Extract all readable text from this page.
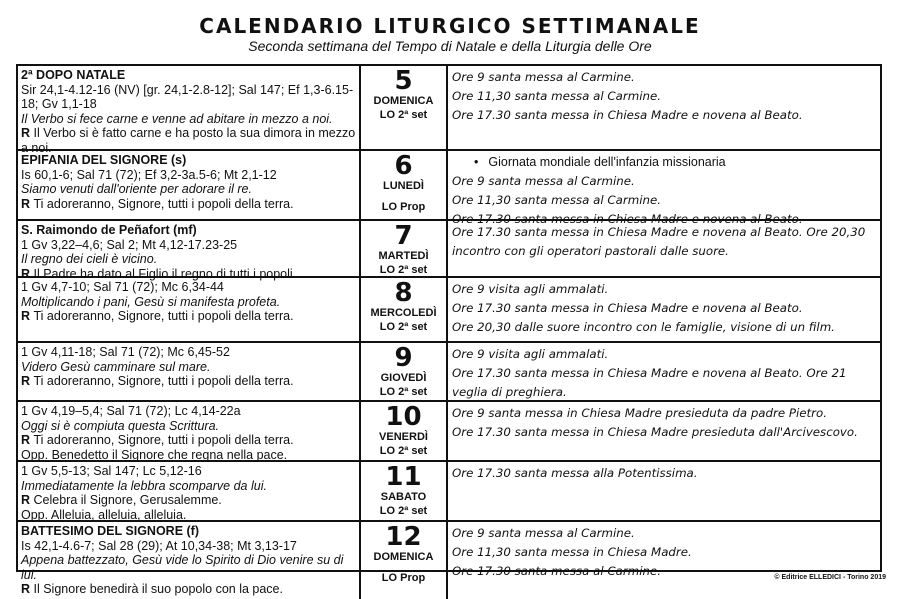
CALENDARIO LITURGICO SETTIMANALE
Seconda settimana del Tempo di Natale e della Liturgia delle Ore
2ª DOPO NATALE
Sir 24,1-4.12-16 (NV) [gr. 24,1-2.8-12]; Sal 147; Ef 1,3-6.15-18; Gv 1,1-18
Il Verbo si fece carne e venne ad abitare in mezzo a noi.
R Il Verbo si è fatto carne e ha posto la sua dimora in mezzo a noi.
5
DOMENICA
LO 2ª set
Ore 9 santa messa al Carmine.
Ore 11,30 santa messa al Carmine.
Ore 17.30 santa messa in Chiesa Madre e novena al Beato.
EPIFANIA DEL SIGNORE (s)
Is 60,1-6; Sal 71 (72); Ef 3,2-3a.5-6; Mt 2,1-12
Siamo venuti dall'oriente per adorare il re.
R Ti adoreranno, Signore, tutti i popoli della terra.
6
LUNEDÌ
LO Prop
• Giornata mondiale dell'infanzia missionaria
Ore 9 santa messa al Carmine.
Ore 11,30 santa messa al Carmine.
Ore 17.30 santa messa in Chiesa Madre e novena al Beato.
S. Raimondo de Peñafort (mf)
1 Gv 3,22–4,6; Sal 2; Mt 4,12-17.23-25
Il regno dei cieli è vicino.
R Il Padre ha dato al Figlio il regno di tutti i popoli.
7
MARTEDÌ
LO 2ª set
Ore 17.30 santa messa in Chiesa Madre e novena al Beato. Ore 20,30 incontro con gli operatori pastorali dalle suore.
1 Gv 4,7-10; Sal 71 (72); Mc 6,34-44
Moltiplicando i pani, Gesù si manifesta profeta.
R Ti adoreranno, Signore, tutti i popoli della terra.
8
MERCOLEDÌ
LO 2ª set
Ore 9 visita agli ammalati.
Ore 17.30 santa messa in Chiesa Madre e novena al Beato.
Ore 20,30 dalle suore incontro con le famiglie, visione di un film.
1 Gv 4,11-18; Sal 71 (72); Mc 6,45-52
Videro Gesù camminare sul mare.
R Ti adoreranno, Signore, tutti i popoli della terra.
9
GIOVEDÌ
LO 2ª set
Ore 9 visita agli ammalati.
Ore 17.30 santa messa in Chiesa Madre e novena al Beato. Ore 21 veglia di preghiera.
1 Gv 4,19–5,4; Sal 71 (72); Lc 4,14-22a
Oggi si è compiuta questa Scrittura.
R Ti adoreranno, Signore, tutti i popoli della terra.
Opp. Benedetto il Signore che regna nella pace.
10
VENERDÌ
LO 2ª set
Ore 9 santa messa in Chiesa Madre presieduta da padre Pietro.
Ore 17.30 santa messa in Chiesa Madre presieduta dall'Arcivescovo.
1 Gv 5,5-13; Sal 147; Lc 5,12-16
Immediatamente la lebbra scomparve da lui.
R Celebra il Signore, Gerusalemme.
Opp. Alleluia, alleluia, alleluia.
11
SABATO
LO 2ª set
Ore 17.30 santa messa alla Potentissima.
BATTESIMO DEL SIGNORE (f)
Is 42,1-4.6-7; Sal 28 (29); At 10,34-38; Mt 3,13-17
Appena battezzato, Gesù vide lo Spirito di Dio venire su di lui.
R Il Signore benedirà il suo popolo con la pace.
12
DOMENICA
LO Prop
Ore 9 santa messa al Carmine.
Ore 11,30 santa messa in Chiesa Madre.
Ore 17.30 santa messa al Carmine.	© Editrice ELLEDICI - Torino 2019
